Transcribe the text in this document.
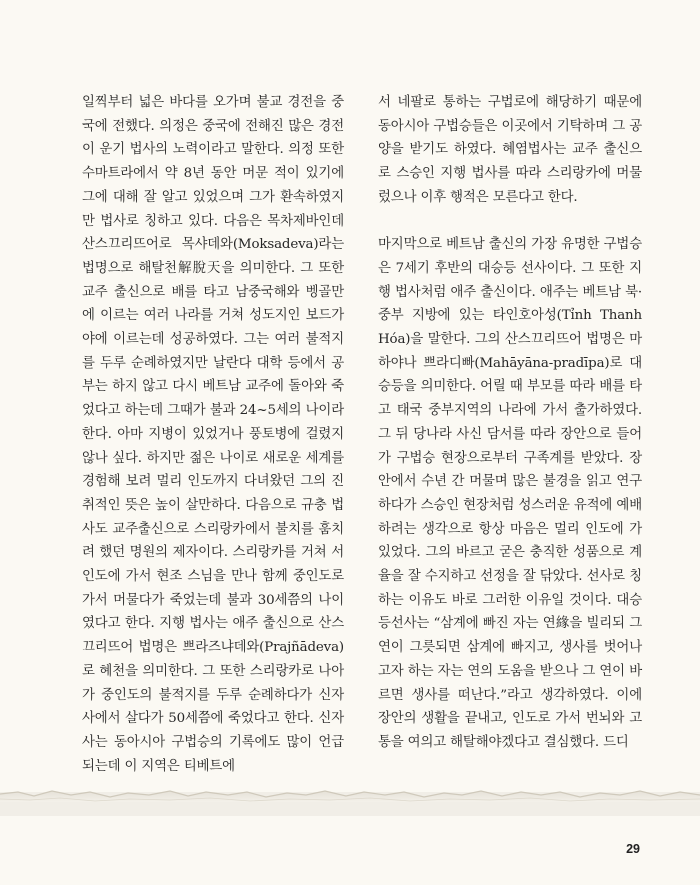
일찍부터 넓은 바다를 오가며 불교 경전을 중국에 전했다. 의정은 중국에 전해진 많은 경전이 운기 법사의 노력이라고 말한다. 의정 또한 수마트라에서 약 8년 동안 머문 적이 있기에 그에 대해 잘 알고 있었으며 그가 환속하였지만 법사로 칭하고 있다. 다음은 목차제바인데 산스끄리뜨어로 목샤데와(Moksadeva)라는 법명으로 해탈천解脫天을 의미한다. 그 또한 교주 출신으로 배를 타고 남중국해와 벵골만에 이르는 여러 나라를 거쳐 성도지인 보드가야에 이르는데 성공하였다. 그는 여러 불적지를 두루 순례하였지만 날란다 대학 등에서 공부는 하지 않고 다시 베트남 교주에 돌아와 죽었다고 하는데 그때가 불과 24~5세의 나이라 한다. 아마 지병이 있었거나 풍토병에 걸렸지 않나 싶다. 하지만 젊은 나이로 새로운 세계를 경험해 보려 멀리 인도까지 다녀왔던 그의 진취적인 뜻은 높이 살만하다. 다음으로 규충 법사도 교주출신으로 스리랑카에서 불치를 훔치려 했던 명원의 제자이다. 스리랑카를 거쳐 서인도에 가서 현조 스님을 만나 함께 중인도로 가서 머물다가 죽었는데 불과 30세쯤의 나이였다고 한다. 지행 법사는 애주 출신으로 산스끄리뜨어 법명은 쁘라즈냐데와(Prajñādeva)로 혜천을 의미한다. 그 또한 스리랑카로 나아가 중인도의 불적지를 두루 순례하다가 신자사에서 살다가 50세쯤에 죽었다고 한다. 신자사는 동아시아 구법승의 기록에도 많이 언급되는데 이 지역은 티베트에

서 네팔로 통하는 구법로에 해당하기 때문에 동아시아 구법승들은 이곳에서 기탁하며 그 공양을 받기도 하였다. 혜염법사는 교주 출신으로 스승인 지행 법사를 따라 스리랑카에 머물렀으나 이후 행적은 모른다고 한다.

마지막으로 베트남 출신의 가장 유명한 구법승은 7세기 후반의 대승등 선사이다. 그 또한 지행 법사처럼 애주 출신이다. 애주는 베트남 북·중부 지방에 있는 타인호아성(Tỉnh Thanh Hóa)을 말한다. 그의 산스끄리뜨어 법명은 마하야나 쁘라디빠(Mahāyāna-pradīpa)로 대승등을 의미한다. 어릴 때 부모를 따라 배를 타고 태국 중부지역의 나라에 가서 출가하였다. 그 뒤 당나라 사신 담서를 따라 장안으로 들어가 구법승 현장으로부터 구족계를 받았다. 장안에서 수년 간 머물며 많은 불경을 읽고 연구하다가 스승인 현장처럼 성스러운 유적에 예배하려는 생각으로 항상 마음은 멀리 인도에 가 있었다. 그의 바르고 굳은 충직한 성품으로 계율을 잘 수지하고 선정을 잘 닦았다. 선사로 칭하는 이유도 바로 그러한 이유일 것이다. 대승등선사는 “삼계에 빠진 자는 연緣을 빌리되 그 연이 그릇되면 삼계에 빠지고, 생사를 벗어나고자 하는 자는 연의 도움을 받으나 그 연이 바르면 생사를 떠난다.”라고 생각하였다. 이에 장안의 생활을 끝내고, 인도로 가서 번뇌와 고통을 여의고 해탈해야겠다고 결심했다. 드디

29
